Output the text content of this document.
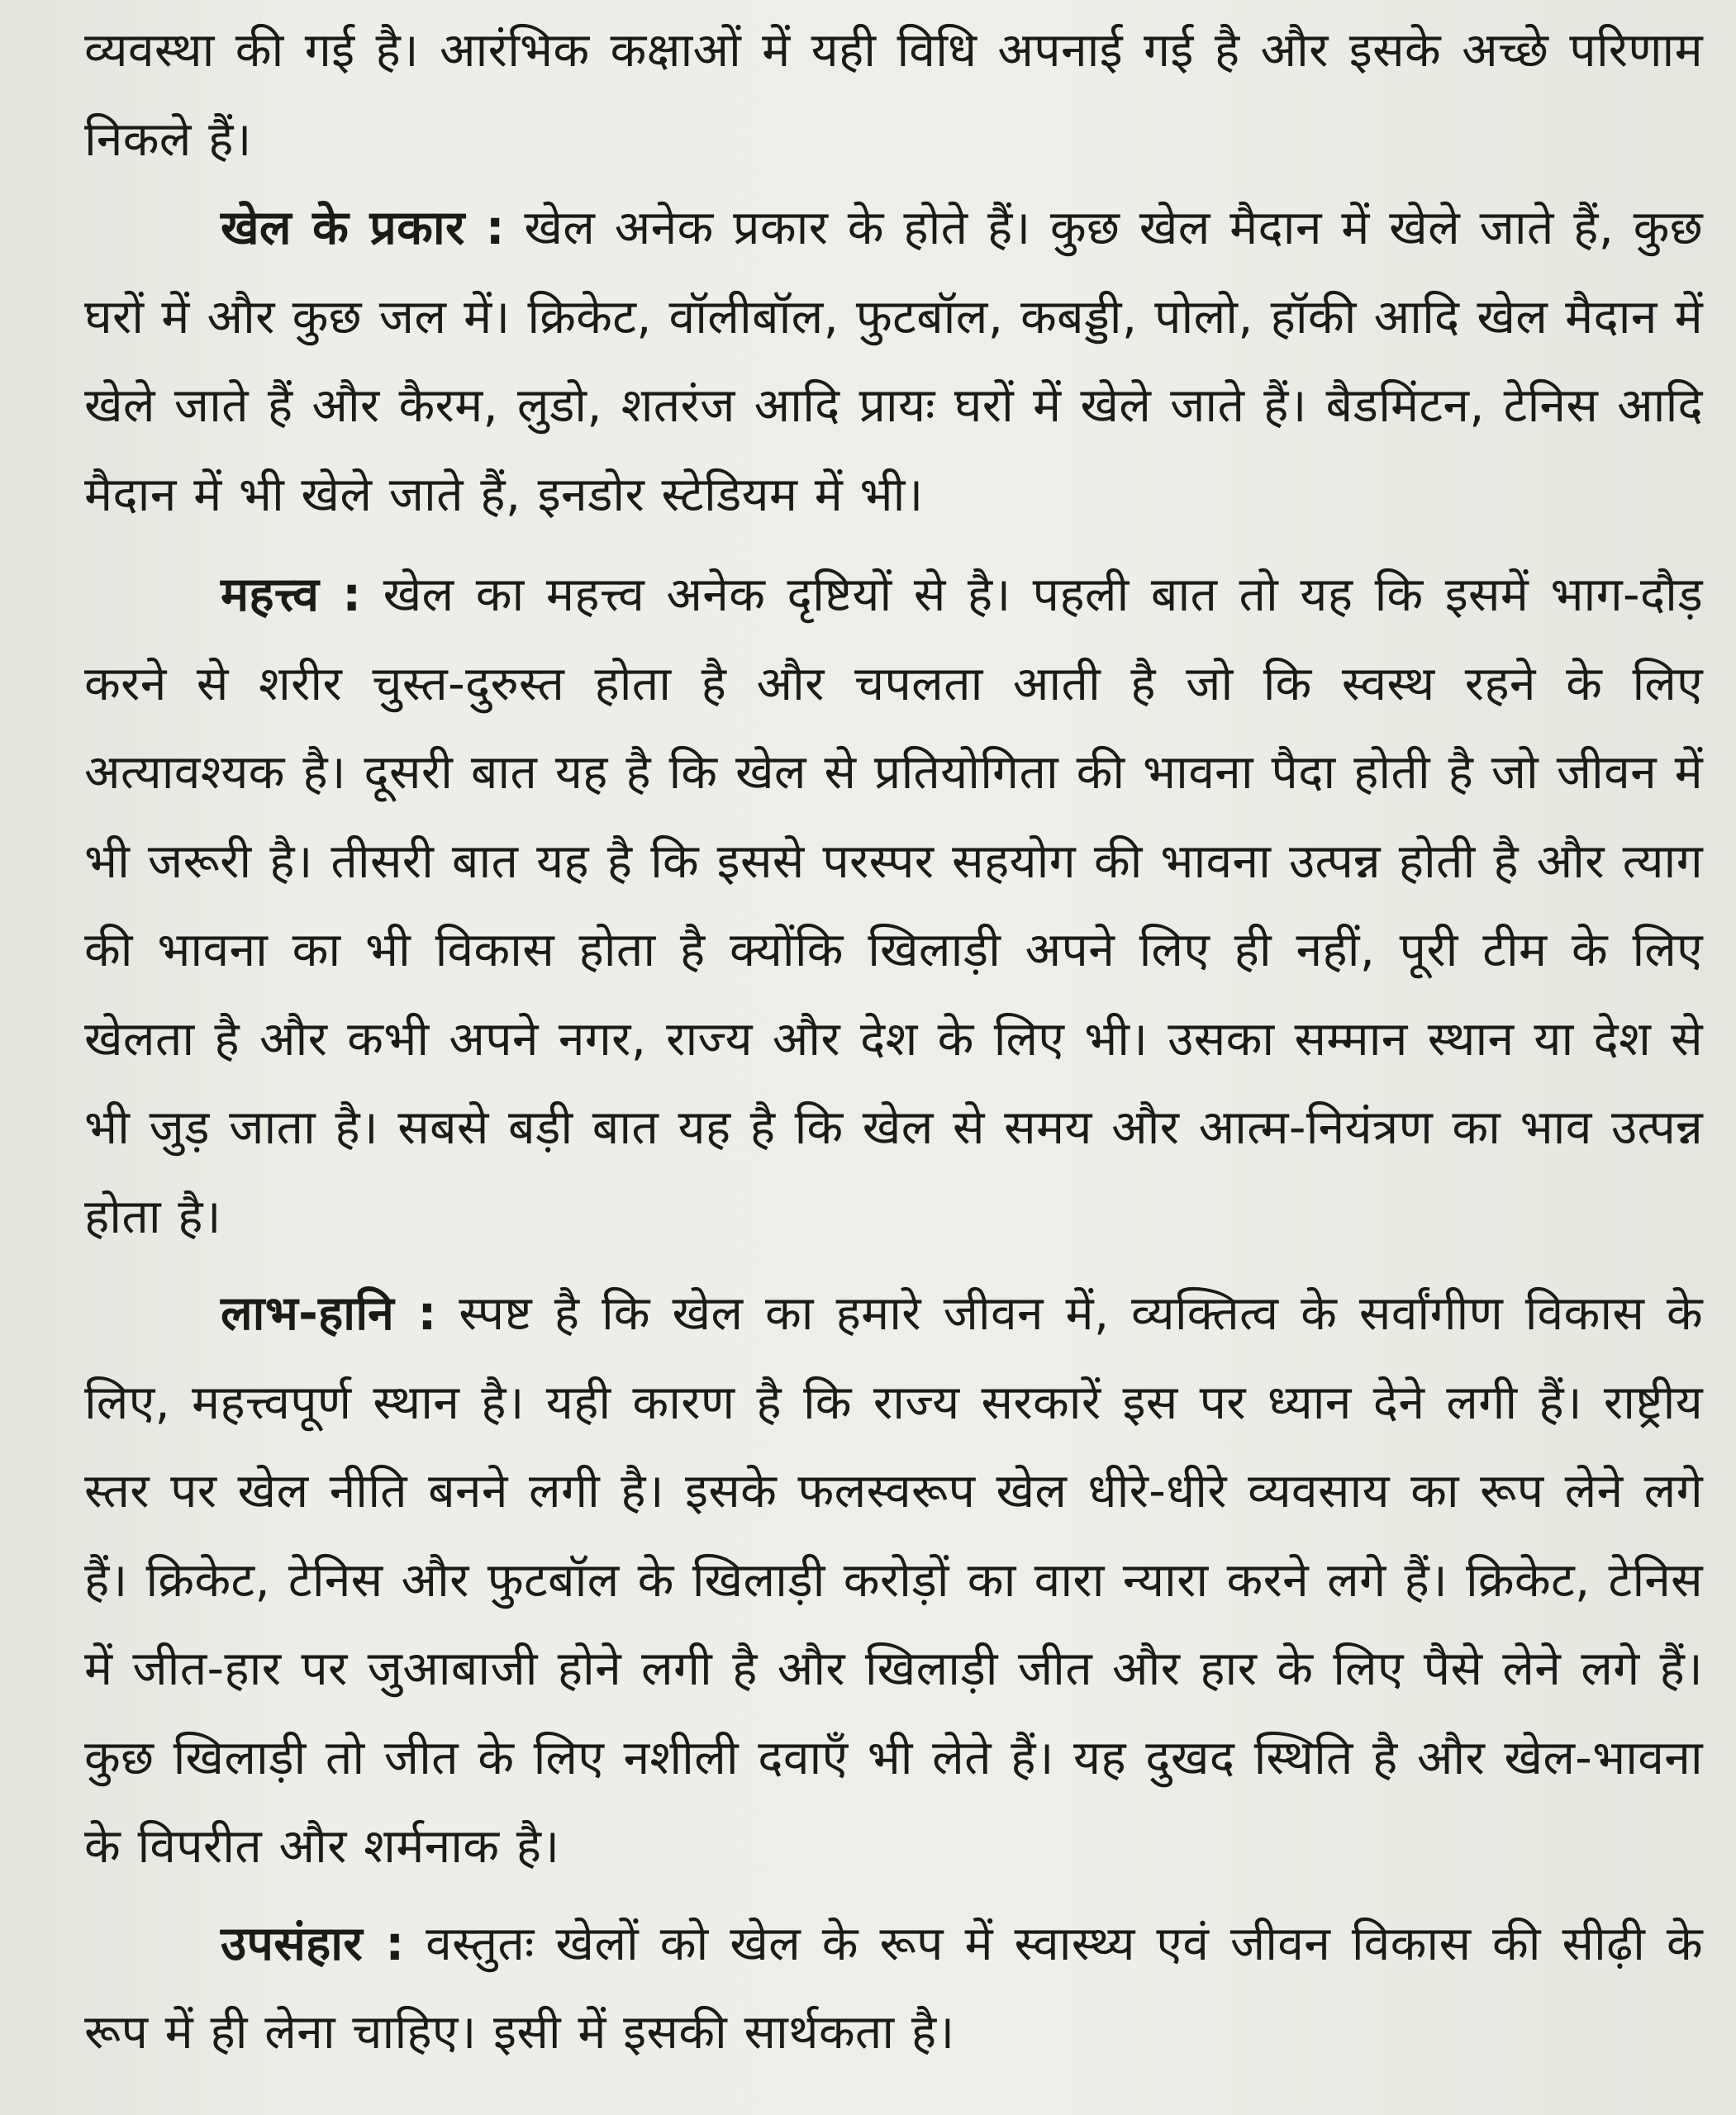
व्यवस्था की गई है। आरंभिक कक्षाओं में यही विधि अपनाई गई है और इसके अच्छे परिणाम निकले हैं।

खेल के प्रकार : खेल अनेक प्रकार के होते हैं। कुछ खेल मैदान में खेले जाते हैं, कुछ घरों में और कुछ जल में। क्रिकेट, वॉलीबॉल, फुटबॉल, कबड्डी, पोलो, हॉकी आदि खेल मैदान में खेले जाते हैं और कैरम, लुडो, शतरंज आदि प्रायः घरों में खेले जाते हैं। बैडमिंटन, टेनिस आदि मैदान में भी खेले जाते हैं, इनडोर स्टेडियम में भी।

महत्त्व : खेल का महत्त्व अनेक दृष्टियों से है। पहली बात तो यह कि इसमें भाग-दौड़ करने से शरीर चुस्त-दुरुस्त होता है और चपलता आती है जो कि स्वस्थ रहने के लिए अत्यावश्यक है। दूसरी बात यह है कि खेल से प्रतियोगिता की भावना पैदा होती है जो जीवन में भी जरूरी है। तीसरी बात यह है कि इससे परस्पर सहयोग की भावना उत्पन्न होती है और त्याग की भावना का भी विकास होता है क्योंकि खिलाड़ी अपने लिए ही नहीं, पूरी टीम के लिए खेलता है और कभी अपने नगर, राज्य और देश के लिए भी। उसका सम्मान स्थान या देश से भी जुड़ जाता है। सबसे बड़ी बात यह है कि खेल से समय और आत्म-नियंत्रण का भाव उत्पन्न होता है।

लाभ-हानि : स्पष्ट है कि खेल का हमारे जीवन में, व्यक्तित्व के सर्वांगीण विकास के लिए, महत्त्वपूर्ण स्थान है। यही कारण है कि राज्य सरकारें इस पर ध्यान देने लगी हैं। राष्ट्रीय स्तर पर खेल नीति बनने लगी है। इसके फलस्वरूप खेल धीरे-धीरे व्यवसाय का रूप लेने लगे हैं। क्रिकेट, टेनिस और फुटबॉल के खिलाड़ी करोड़ों का वारा न्यारा करने लगे हैं। क्रिकेट, टेनिस में जीत-हार पर जुआबाजी होने लगी है और खिलाड़ी जीत और हार के लिए पैसे लेने लगे हैं। कुछ खिलाड़ी तो जीत के लिए नशीली दवाएँ भी लेते हैं। यह दुखद स्थिति है और खेल-भावना के विपरीत और शर्मनाक है।

उपसंहार : वस्तुतः खेलों को खेल के रूप में स्वास्थ्य एवं जीवन विकास की सीढ़ी के रूप में ही लेना चाहिए। इसी में इसकी सार्थकता है।
